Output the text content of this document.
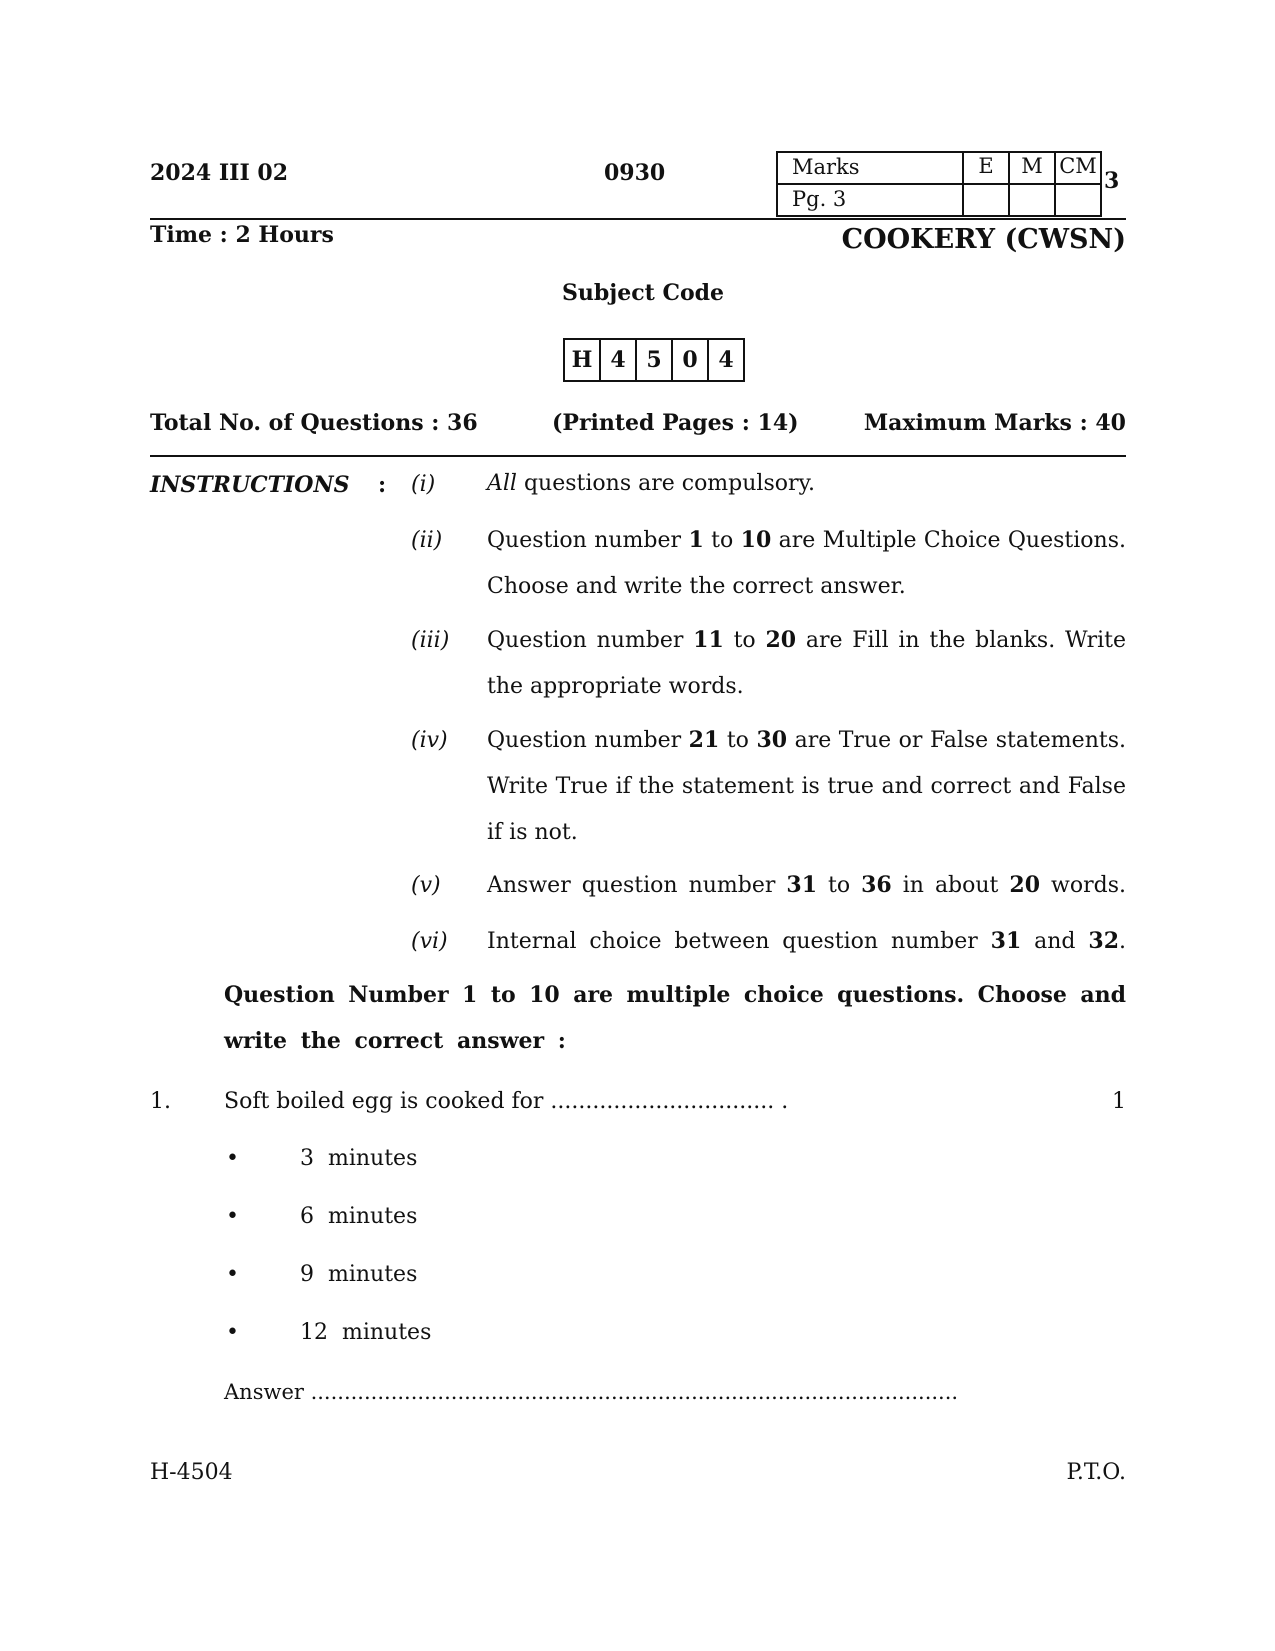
2024 III 02	0930	Marks	E	M	CM
Pg. 3			
3
Time : 2 Hours	COOKERY (CWSN)
Subject Code
H	4	5	0	4
Total No. of Questions : 36	(Printed Pages : 14)	Maximum Marks : 40
INSTRUCTIONS : (i) All questions are compulsory.
(ii) Question number 1 to 10 are Multiple Choice Questions.
Choose and write the correct answer.
(iii) Question number 11 to 20 are Fill in the blanks. Write
the appropriate words.
(iv) Question number 21 to 30 are True or False statements.
Write True if the statement is true and correct and False
if is not.
(v) Answer question number 31 to 36 in about 20 words.
(vi) Internal choice between question number 31 and 32.
Question Number 1 to 10 are multiple choice questions. Choose and
write the correct answer :
1. Soft boiled egg is cooked for ................................ .	1
•	3  minutes
•	6  minutes
•	9  minutes
•	12  minutes
Answer .................................................................................................
H-4504	P.T.O.
